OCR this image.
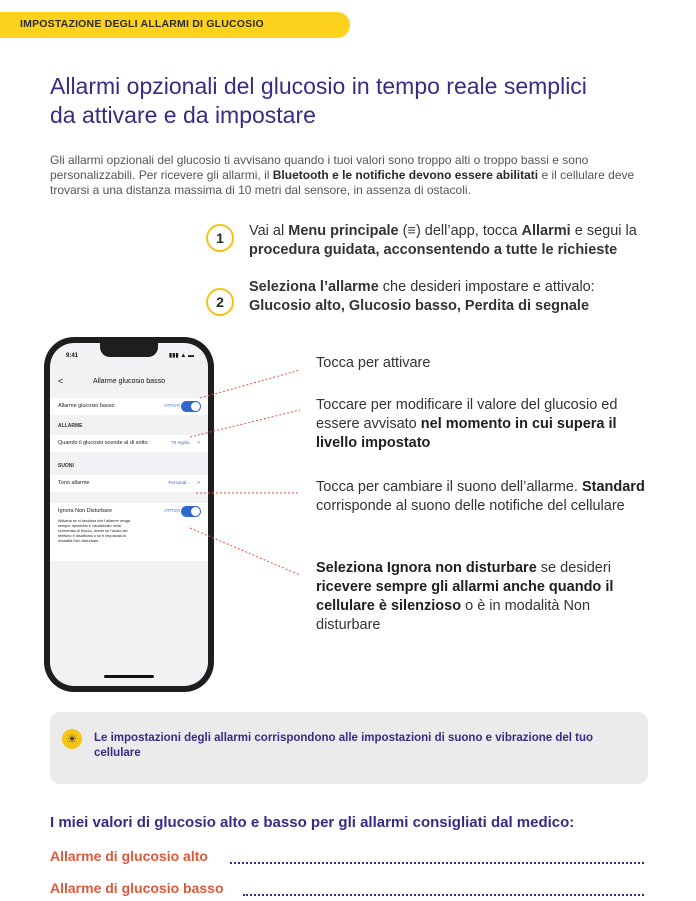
IMPOSTAZIONE DEGLI ALLARMI DI GLUCOSIO
Allarmi opzionali del glucosio in tempo reale semplici
da attivare e da impostare
Gli allarmi opzionali del glucosio ti avvisano quando i tuoi valori sono troppo alti o troppo bassi e sono personalizzabili. Per ricevere gli allarmi, il Bluetooth e le notifiche devono essere abilitati e il cellulare deve trovarsi a una distanza massima di 10 metri dal sensore, in assenza di ostacoli.
1	Vai al Menu principale (≡) dell’app, tocca Allarmi e segui la procedura guidata, acconsentendo a tutte le richieste
2
Seleziona l’allarme che desideri impostare e attivalo: Glucosio alto, Glucosio basso, Perdita di segnale
9:41	▮▮▮ ▲ ▬
<	Allarme glucosio basso
Allarme glucosio basso	ATTIVO
ALLARME
Quando il glucosio scende al di sotto	70 mg/dL >
SUONI
Tono allarme	Personal... >
Ignora Non Disturbare	ATTIVO
Attivarla se si desidera che l’allarme venga sempre riprodotto e visualizzato nella schermata di blocco, anche se l’audio del telefono è disattivato o se è impostata la modalità Non disturbare.
Tocca per attivare
Toccare per modificare il valore del glucosio ed essere avvisato nel momento in cui supera il livello impostato
Tocca per cambiare il suono dell’allarme. Standard corrisponde al suono delle notifiche del cellulare
Seleziona Ignora non disturbare se desideri ricevere sempre gli allarmi anche quando il cellulare è silenzioso o è in modalità Non disturbare
☀	Le impostazioni degli allarmi corrispondono alle impostazioni di suono e vibrazione del tuo cellulare
I miei valori di glucosio alto e basso per gli allarmi consigliati dal medico:
Allarme di glucosio alto
Allarme di glucosio basso
